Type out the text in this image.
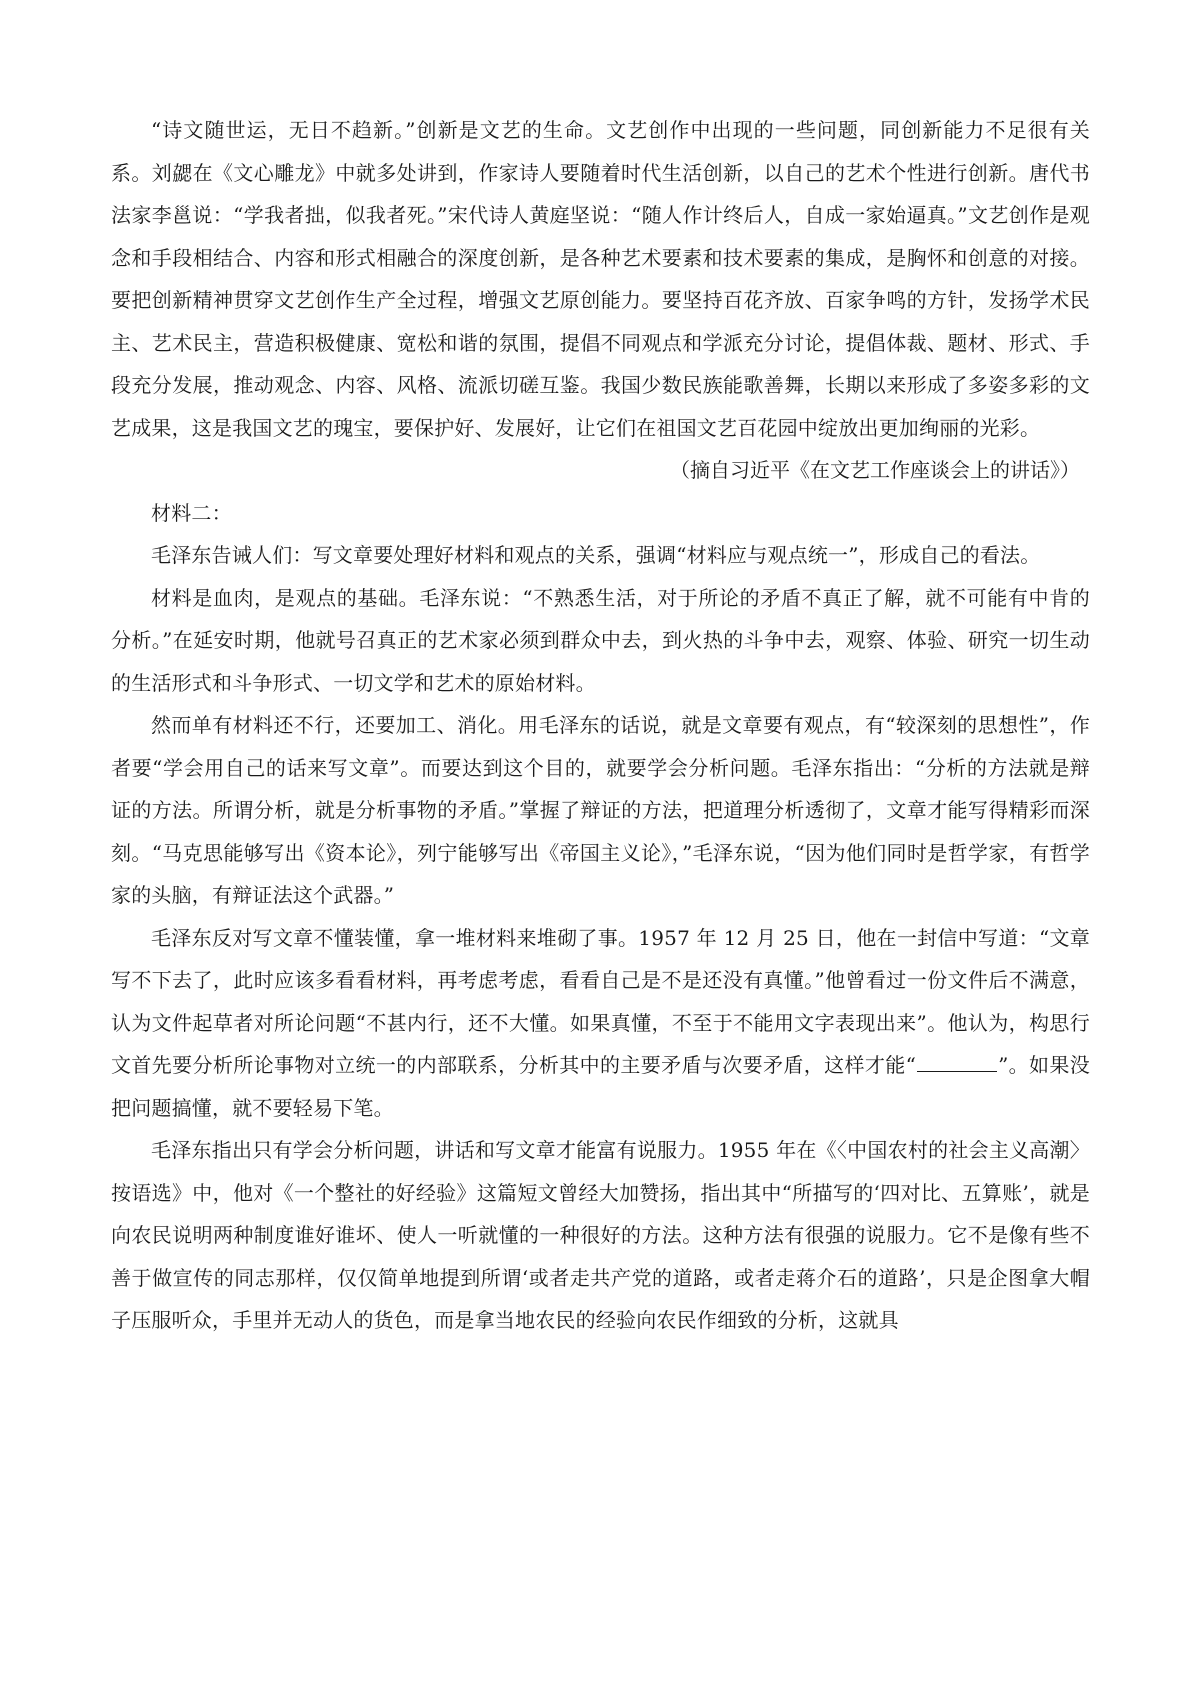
“诗文随世运，无日不趋新。”创新是文艺的生命。文艺创作中出现的一些问题，同创新能力不足很有关系。刘勰在《文心雕龙》中就多处讲到，作家诗人要随着时代生活创新，以自己的艺术个性进行创新。唐代书法家李邕说：“学我者拙，似我者死。”宋代诗人黄庭坚说：“随人作计终后人，自成一家始逼真。”文艺创作是观念和手段相结合、内容和形式相融合的深度创新，是各种艺术要素和技术要素的集成，是胸怀和创意的对接。要把创新精神贯穿文艺创作生产全过程，增强文艺原创能力。要坚持百花齐放、百家争鸣的方针，发扬学术民主、艺术民主，营造积极健康、宽松和谐的氛围，提倡不同观点和学派充分讨论，提倡体裁、题材、形式、手段充分发展，推动观念、内容、风格、流派切磋互鉴。我国少数民族能歌善舞，长期以来形成了多姿多彩的文艺成果，这是我国文艺的瑰宝，要保护好、发展好，让它们在祖国文艺百花园中绽放出更加绚丽的光彩。

（摘自习近平《在文艺工作座谈会上的讲话》）

材料二：

毛泽东告诫人们：写文章要处理好材料和观点的关系，强调“材料应与观点统一”，形成自己的看法。

材料是血肉，是观点的基础。毛泽东说：“不熟悉生活，对于所论的矛盾不真正了解，就不可能有中肯的分析。”在延安时期，他就号召真正的艺术家必须到群众中去，到火热的斗争中去，观察、体验、研究一切生动的生活形式和斗争形式、一切文学和艺术的原始材料。

然而单有材料还不行，还要加工、消化。用毛泽东的话说，就是文章要有观点，有“较深刻的思想性”，作者要“学会用自己的话来写文章”。而要达到这个目的，就要学会分析问题。毛泽东指出：“分析的方法就是辩证的方法。所谓分析，就是分析事物的矛盾。”掌握了辩证的方法，把道理分析透彻了，文章才能写得精彩而深刻。“马克思能够写出《资本论》，列宁能够写出《帝国主义论》，”毛泽东说，“因为他们同时是哲学家，有哲学家的头脑，有辩证法这个武器。”

毛泽东反对写文章不懂装懂，拿一堆材料来堆砌了事。1957 年 12 月 25 日，他在一封信中写道：“文章写不下去了，此时应该多看看材料，再考虑考虑，看看自己是不是还没有真懂。”他曾看过一份文件后不满意，认为文件起草者对所论问题“不甚内行，还不大懂。如果真懂，不至于不能用文字表现出来”。他认为，构思行文首先要分析所论事物对立统一的内部联系，分析其中的主要矛盾与次要矛盾，这样才能“	”。如果没把问题搞懂，就不要轻易下笔。

毛泽东指出只有学会分析问题，讲话和写文章才能富有说服力。1955 年在《〈中国农村的社会主义高潮〉按语选》中，他对《一个整社的好经验》这篇短文曾经大加赞扬，指出其中“所描写的‘四对比、五算账’，就是向农民说明两种制度谁好谁坏、使人一听就懂的一种很好的方法。这种方法有很强的说服力。它不是像有些不善于做宣传的同志那样，仅仅简单地提到所谓‘或者走共产党的道路，或者走蒋介石的道路’，只是企图拿大帽子压服听众，手里并无动人的货色，而是拿当地农民的经验向农民作细致的分析，这就具
